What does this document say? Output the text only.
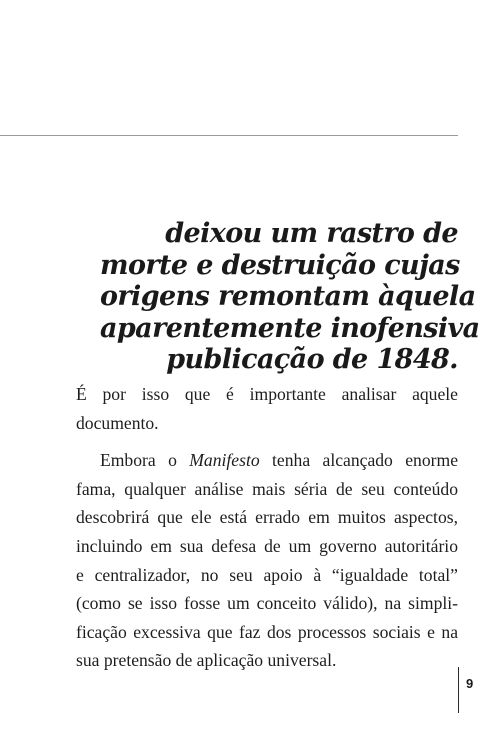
deixou um rastro de
morte e destruição cujas
origens remontam àquela
aparentemente inofensiva
publicação de 1848.

É por isso que é importante analisar aquele
documento.

Embora o Manifesto tenha alcançado enorme
fama, qualquer análise mais séria de seu conteúdo
descobrirá que ele está errado em muitos aspectos,
incluindo em sua defesa de um governo autoritário
e centralizador, no seu apoio à “igualdade total”
(como se isso fosse um conceito válido), na simpli-
ficação excessiva que faz dos processos sociais e na
sua pretensão de aplicação universal.

9
